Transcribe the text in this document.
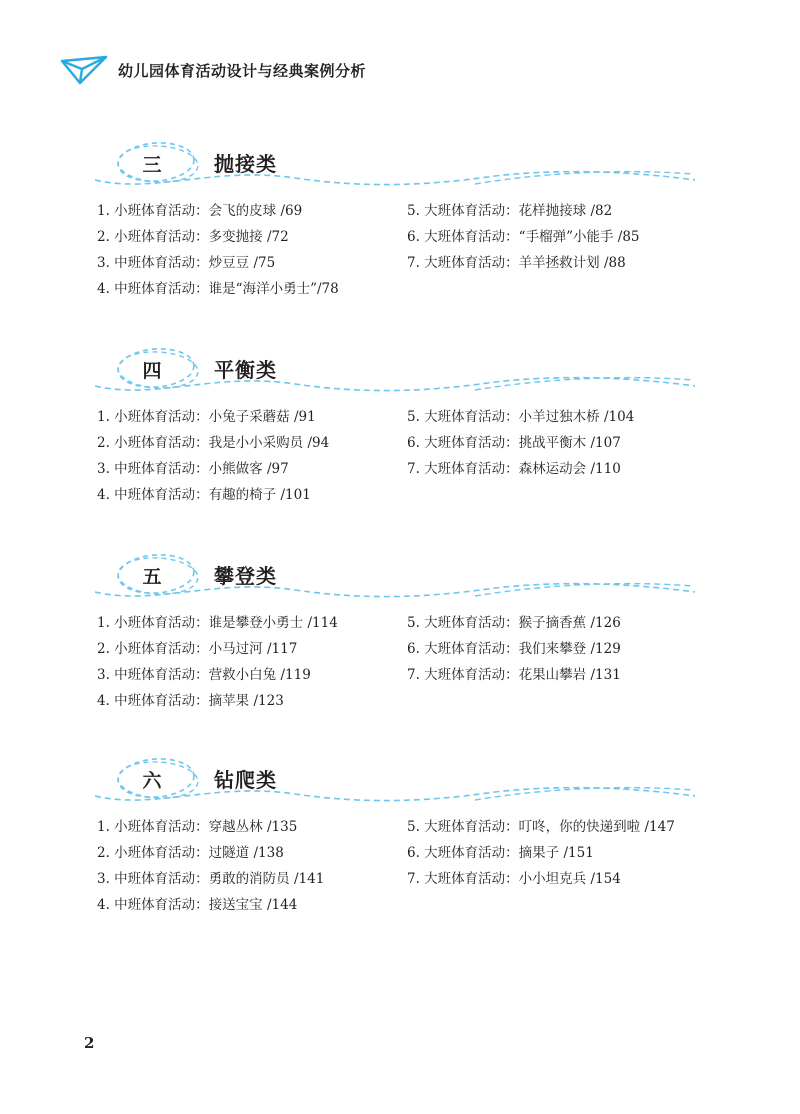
幼儿园体育活动设计与经典案例分析
三	抛接类
1. 小班体育活动：会飞的皮球 /69
2. 小班体育活动：多变抛接 /72
3. 中班体育活动：炒豆豆 /75
4. 中班体育活动：谁是“海洋小勇士”/78
5. 大班体育活动：花样抛接球 /82
6. 大班体育活动：“手榴弹”小能手 /85
7. 大班体育活动：羊羊拯救计划 /88
四	平衡类
1. 小班体育活动：小兔子采蘑菇 /91
2. 小班体育活动：我是小小采购员 /94
3. 中班体育活动：小熊做客 /97
4. 中班体育活动：有趣的椅子 /101
5. 大班体育活动：小羊过独木桥 /104
6. 大班体育活动：挑战平衡木 /107
7. 大班体育活动：森林运动会 /110
五	攀登类
1. 小班体育活动：谁是攀登小勇士 /114
2. 小班体育活动：小马过河 /117
3. 中班体育活动：营救小白兔 /119
4. 中班体育活动：摘苹果 /123
5. 大班体育活动：猴子摘香蕉 /126
6. 大班体育活动：我们来攀登 /129
7. 大班体育活动：花果山攀岩 /131
六	钻爬类
1. 小班体育活动：穿越丛林 /135
2. 小班体育活动：过隧道 /138
3. 中班体育活动：勇敢的消防员 /141
4. 中班体育活动：接送宝宝 /144
5. 大班体育活动：叮咚，你的快递到啦 /147
6. 大班体育活动：摘果子 /151
7. 大班体育活动：小小坦克兵 /154
2
